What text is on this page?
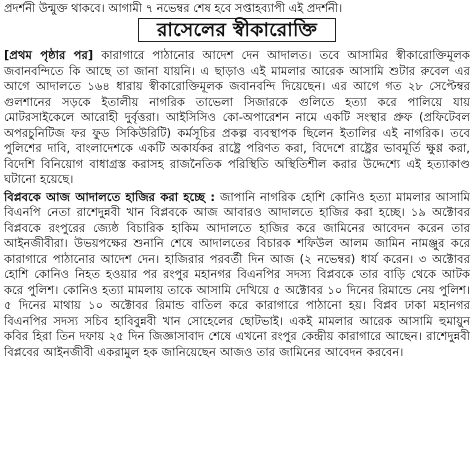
প্রদর্শনী উন্মুক্ত থাকবে। আগামী ৭ নভেম্বর শেষ হবে সপ্তাহব্যাপী এই প্রদর্শনী।
রাসেলের স্বীকারোক্তি

[প্রথম পৃষ্ঠার পর] কারাগারে পাঠানোর আদেশ দেন আদালত। তবে আসামির স্বীকারোক্তিমূলক জবানবন্দিতে কি আছে তা জানা যায়নি। এ ছাড়াও এই মামলার আরেক আসামি শুটার রুবেল এর আগে আদালতে ১৬৪ ধারায় স্বীকারোক্তিমূলক জবানবন্দি দিয়েছেন। এর আগে গত ২৮ সেপ্টেম্বর গুলশানের সড়কে ইতালীয় নাগরিক তাভেলা সিজারকে গুলিতে হত্যা করে পালিয়ে যায় মোটরসাইকেলে আরোহী দুর্বৃত্তরা। আইসিসিও কো-অপারেশন নামে একটি সংস্থার প্রুফ (প্রফিটেবল অপরচুনিটিজ ফর ফুড সিকিউরিটি) কর্মসূচির প্রকল্প ব্যবস্থাপক ছিলেন ইতালির এই নাগরিক। তবে পুলিশের দাবি, বাংলাদেশকে একটি অকার্যকর রাষ্ট্রে পরিণত করা, বিদেশে রাষ্ট্রের ভাবমূর্তি ক্ষুণ্ণ করা, বিদেশি বিনিয়োগ বাধাগ্রস্ত করাসহ রাজনৈতিক পরিস্থিতি অস্থিতিশীল করার উদ্দেশ্যে এই হত্যাকাণ্ড ঘটানো হয়েছে।

বিপ্লবকে আজ আদালতে হাজির করা হচ্ছে : জাপানি নাগরিক হোশি কোনিও হত্যা মামলার আসামি বিএনপি নেতা রাশেদুন্নবী খান বিপ্লবকে আজ আবারও আদালতে হাজির করা হচ্ছে। ১৯ অক্টোবর বিপ্লবকে রংপুরের জ্যেষ্ঠ বিচারিক হাকিম আদালতে হাজির করে জামিনের আবেদন করেন তার আইনজীবীরা। উভয়পক্ষের শুনানি শেষে আদালতের বিচারক শফিউল আলম জামিন নামঞ্জুর করে কারাগারে পাঠানোর আদেশ দেন। হাজিরার পরবর্তী দিন আজ (২ নভেম্বর) ধার্য করেন। ৩ অক্টোবর হোশি কোনিও নিহত হওয়ার পর রংপুর মহানগর বিএনপির সদস্য বিপ্লবকে তার বাড়ি থেকে আটক করে পুলিশ। কোনিও হত্যা মামলায় তাকে আসামি দেখিয়ে ৫ অক্টোবর ১০ দিনের রিমান্ডে নেয় পুলিশ। ৫ দিনের মাথায় ১০ অক্টোবর রিমান্ড বাতিল করে কারাগারে পাঠানো হয়। বিপ্লব ঢাকা মহানগর বিএনপির সদস্য সচিব হাবিবুন্নবী খান সোহেলের ছোটভাই। একই মামলার আরেক আসামি হুমায়ুন কবির হিরা তিন দফায় ২৫ দিন জিজ্ঞাসাবাদ শেষে এখনো রংপুর কেন্দ্রীয় কারাগারে আছেন। রাশেদুন্নবী বিপ্লবের আইনজীবী একরামুল হক জানিয়েছেন আজও তার জামিনের আবেদন করবেন।
